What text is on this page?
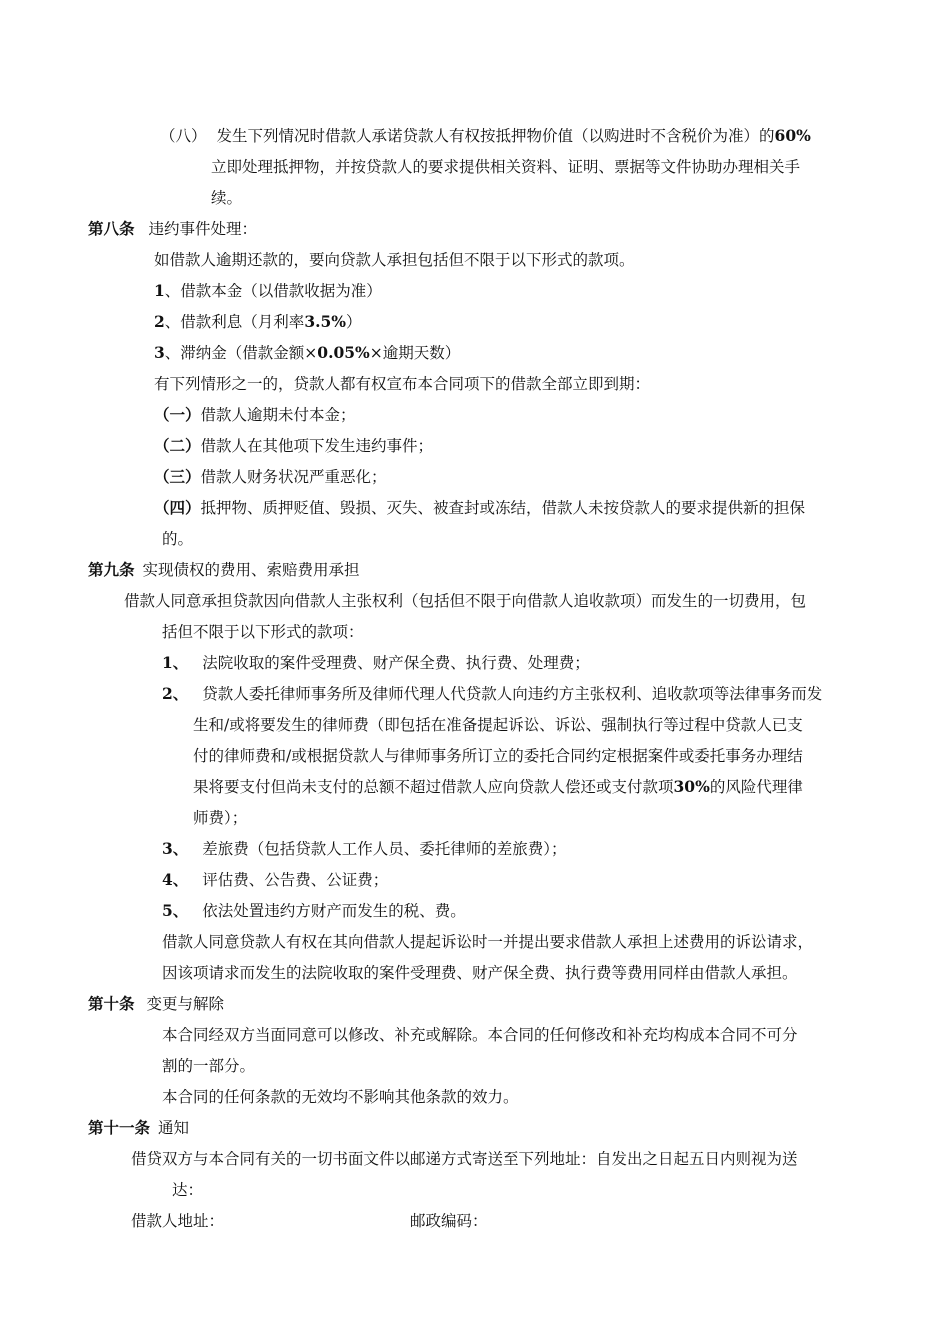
（八） 发生下列情况时借款人承诺贷款人有权按抵押物价值（以购进时不含税价为准）的60%
立即处理抵押物，并按贷款人的要求提供相关资料、证明、票据等文件协助办理相关手
续。
第八条 违约事件处理：
如借款人逾期还款的，要向贷款人承担包括但不限于以下形式的款项。
1、借款本金（以借款收据为准）
2、借款利息（月利率3.5%）
3、滞纳金（借款金额×0.05%×逾期天数）
有下列情形之一的，贷款人都有权宣布本合同项下的借款全部立即到期：
（一）借款人逾期未付本金；
（二）借款人在其他项下发生违约事件；
（三）借款人财务状况严重恶化；
（四）抵押物、质押贬值、毁损、灭失、被查封或冻结，借款人未按贷款人的要求提供新的担保
的。
第九条 实现债权的费用、索赔费用承担
借款人同意承担贷款因向借款人主张权利（包括但不限于向借款人追收款项）而发生的一切费用，包
括但不限于以下形式的款项：
1、 法院收取的案件受理费、财产保全费、执行费、处理费；
2、 贷款人委托律师事务所及律师代理人代贷款人向违约方主张权利、追收款项等法律事务而发
生和/或将要发生的律师费（即包括在准备提起诉讼、诉讼、强制执行等过程中贷款人已支
付的律师费和/或根据贷款人与律师事务所订立的委托合同约定根据案件或委托事务办理结
果将要支付但尚未支付的总额不超过借款人应向贷款人偿还或支付款项30%的风险代理律
师费）；
3、 差旅费（包括贷款人工作人员、委托律师的差旅费）；
4、 评估费、公告费、公证费；
5、 依法处置违约方财产而发生的税、费。
借款人同意贷款人有权在其向借款人提起诉讼时一并提出要求借款人承担上述费用的诉讼请求，
因该项请求而发生的法院收取的案件受理费、财产保全费、执行费等费用同样由借款人承担。
第十条 变更与解除
本合同经双方当面同意可以修改、补充或解除。本合同的任何修改和补充均构成本合同不可分
割的一部分。
本合同的任何条款的无效均不影响其他条款的效力。
第十一条 通知
借贷双方与本合同有关的一切书面文件以邮递方式寄送至下列地址：自发出之日起五日内则视为送
达：
借款人地址：	邮政编码：
